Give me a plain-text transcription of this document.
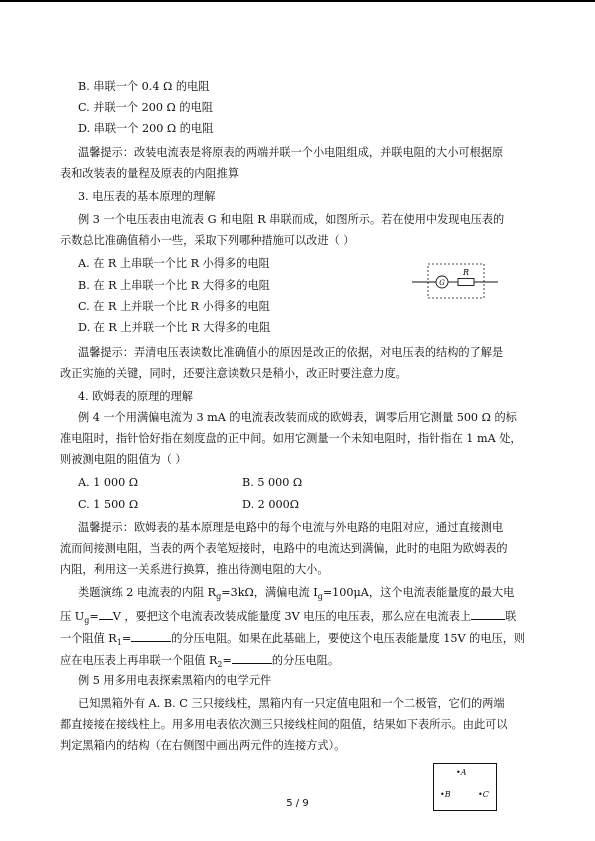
B. 串联一个 0.4 Ω 的电阻
C. 并联一个 200 Ω 的电阻
D. 串联一个 200 Ω 的电阻
温馨提示：改装电流表是将原表的两端并联一个小电阻组成，并联电阻的大小可根据原
表和改装表的量程及原表的内阻推算
3. 电压表的基本原理的理解
例 3 一个电压表由电流表 G 和电阻 R 串联而成，如图所示。若在使用中发现电压表的
示数总比准确值稍小一些，采取下列哪种措施可以改进（ ）
A. 在 R 上串联一个比 R 小得多的电阻
B. 在 R 上串联一个比 R 大得多的电阻
C. 在 R 上并联一个比 R 小得多的电阻
D. 在 R 上并联一个比 R 大得多的电阻
G
R
温馨提示：弄清电压表读数比准确值小的原因是改正的依据，对电压表的结构的了解是
改正实施的关键，同时，还要注意读数只是稍小，改正时要注意力度。
4. 欧姆表的原理的理解
例 4 一个用满偏电流为 3 mA 的电流表改装而成的欧姆表，调零后用它测量 500 Ω 的标
准电阻时，指针恰好指在刻度盘的正中间。如用它测量一个未知电阻时，指针指在 1 mA 处，
则被测电阻的阻值为（ ）
A. 1 000 Ω	B. 5 000 Ω
C. 1 500 Ω	D. 2 000Ω
温馨提示：欧姆表的基本原理是电路中的每个电流与外电路的电阻对应，通过直接测电
流而间接测电阻，当表的两个表笔短接时，电路中的电流达到满偏，此时的电阻为欧姆表的
内阻，利用这一关系进行换算，推出待测电阻的大小。
类题演练 2 电流表的内阻 $R_g=3k\Omega$，满偏电流 $I_g=100\mu A$，这个电流表能量度的最大电
压 $U_g= V$ ，要把这个电流表改装成能量度 3V 电压的电压表，那么应在电流表上	联
一个阻值 $R_1=$	的分压电阻。如果在此基础上，要使这个电压表能量度 15V 的电压，则
应在电压表上再串联一个阻值 $R_2=$	的分压电阻。
例 5 用多用电表探索黑箱内的电学元件
已知黑箱外有 A. B. C 三只接线柱，黑箱内有一只定值电阻和一个二极管，它们的两端
都直接接在接线柱上。用多用电表依次测三只接线柱间的阻值，结果如下表所示。由此可以
判定黑箱内的结构（在右侧图中画出两元件的连接方式）。
5 / 9
•A
•B	•C
